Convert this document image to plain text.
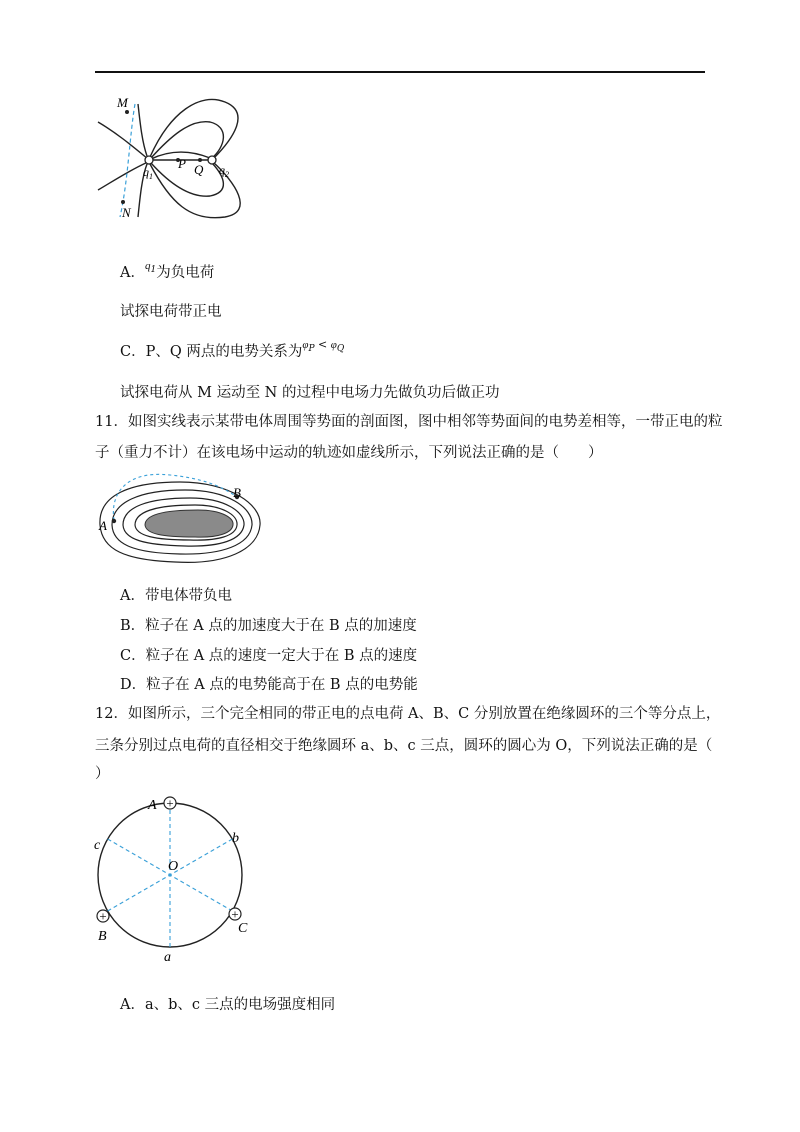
M
N
P Q
$q_1$	$q_2$
A．$^{q1}$为负电荷
试探电荷带正电
C．P、Q 两点的电势关系为$^{\varphi_P < \varphi_Q}$
试探电荷从 M 运动至 N 的过程中电场力先做负功后做正功
11．如图实线表示某带电体周围等势面的剖面图，图中相邻等势面间的电势差相等，一带正电的粒
子（重力不计）在该电场中运动的轨迹如虚线所示，下列说法正确的是（　　）
A
B
A．带电体带负电
B．粒子在 A 点的加速度大于在 B 点的加速度
C．粒子在 A 点的速度一定大于在 B 点的速度
D．粒子在 A 点的电势能高于在 B 点的电势能
12．如图所示，三个完全相同的带正电的点电荷 A、B、C 分别放置在绝缘圆环的三个等分点上，
三条分别过点电荷的直径相交于绝缘圆环 a、b、c 三点，圆环的圆心为 O，下列说法正确的是（
）
+
+	+
A
B
C
a
b
c
O
A．a、b、c 三点的电场强度相同
